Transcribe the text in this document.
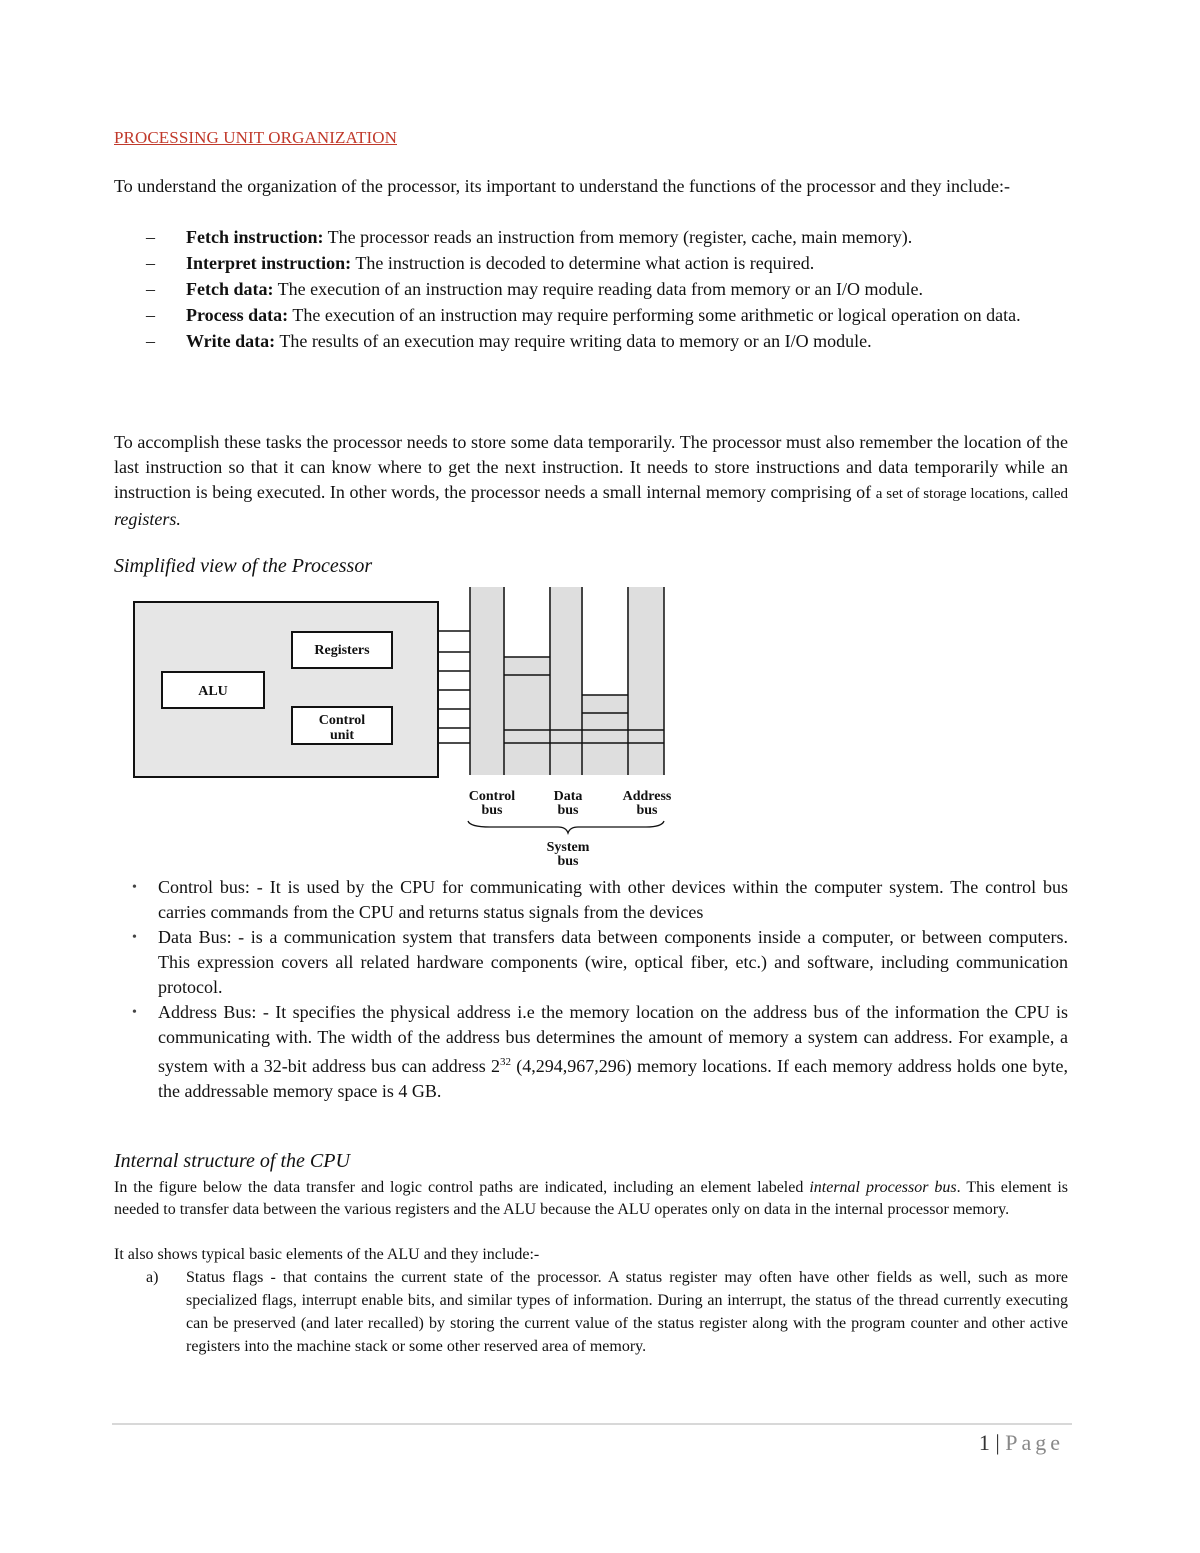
PROCESSING UNIT ORGANIZATION

To understand the organization of the processor, its important to understand the functions of the processor and they include:-

– Fetch instruction: The processor reads an instruction from memory (register, cache, main memory).
– Interpret instruction: The instruction is decoded to determine what action is required.
– Fetch data: The execution of an instruction may require reading data from memory or an I/O module.
– Process data: The execution of an instruction may require performing some arithmetic or logical operation on data.
– Write data: The results of an execution may require writing data to memory or an I/O module.

To accomplish these tasks the processor needs to store some data temporarily. The processor must also remember the location of the last instruction so that it can know where to get the next instruction. It needs to store instructions and data temporarily while an instruction is being executed. In other words, the processor needs a small internal memory comprising of a set of storage locations, called registers.

Simplified view of the Processor
ALU
Registers
Control
unit
Control
bus
Data
bus
Address
bus
System
bus
• Control bus: - It is used by the CPU for communicating with other devices within the computer system. The control bus carries commands from the CPU and returns status signals from the devices
• Data Bus: - is a communication system that transfers data between components inside a computer, or between computers. This expression covers all related hardware components (wire, optical fiber, etc.) and software, including communication protocol.
• Address Bus: - It specifies the physical address i.e the memory location on the address bus of the information the CPU is communicating with. The width of the address bus determines the amount of memory a system can address. For example, a system with a 32-bit address bus can address $2^{32}$ (4,294,967,296) memory locations. If each memory address holds one byte, the addressable memory space is 4 GB.
Internal structure of the CPU

In the figure below the data transfer and logic control paths are indicated, including an element labeled internal processor bus. This element is needed to transfer data between the various registers and the ALU because the ALU operates only on data in the internal processor memory.

It also shows typical basic elements of the ALU and they include:-

a) Status flags - that contains the current state of the processor. A status register may often have other fields as well, such as more specialized flags, interrupt enable bits, and similar types of information. During an interrupt, the status of the thread currently executing can be preserved (and later recalled) by storing the current value of the status register along with the program counter and other active registers into the machine stack or some other reserved area of memory.
1 | Page
